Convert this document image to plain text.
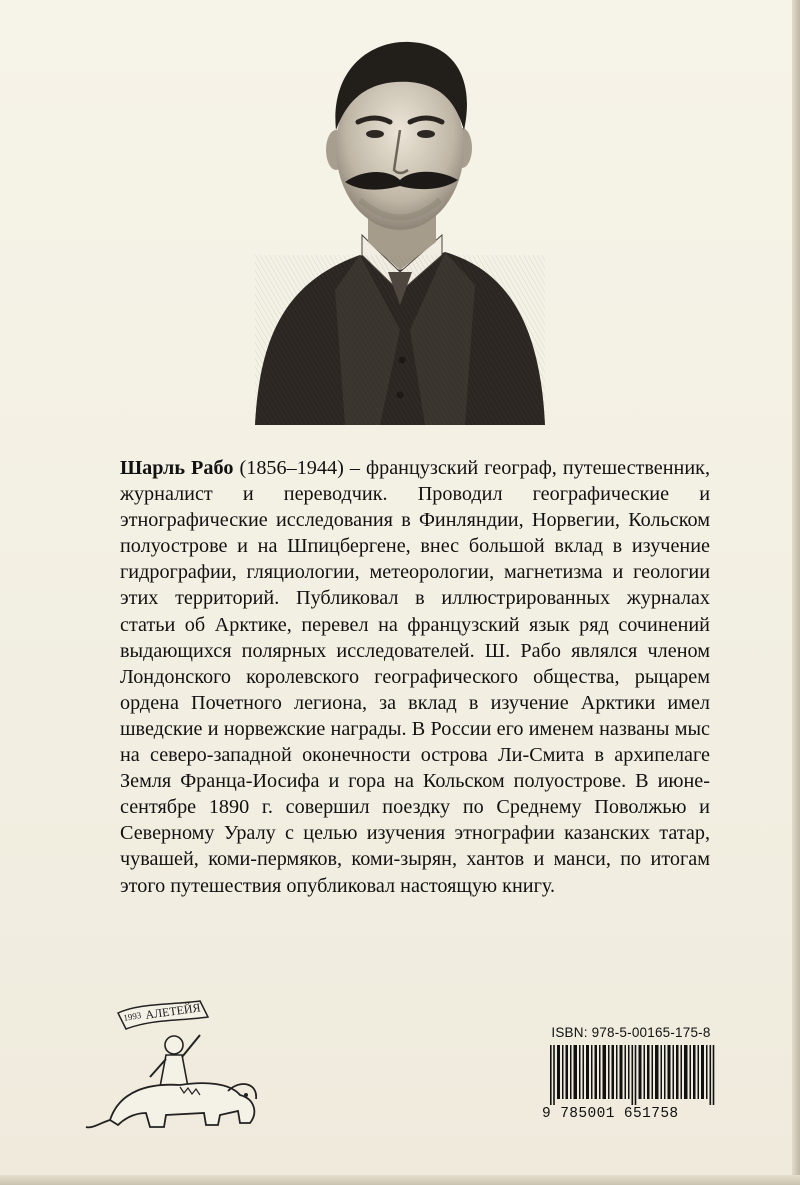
Шарль Рабо (1856–1944) – французский географ, путешественник, журналист и переводчик. Проводил географические и этнографические исследования в Финляндии, Норвегии, Кольском полуострове и на Шпицбергене, внес большой вклад в изучение гидрографии, гляциологии, метеорологии, магнетизма и геологии этих территорий. Публиковал в иллюстрированных журналах статьи об Арктике, перевел на французский язык ряд сочинений выдающихся полярных исследователей. Ш. Рабо являлся членом Лондонского королевского географического общества, рыцарем ордена Почетного легиона, за вклад в изучение Арктики имел шведские и норвежские награды. В России его именем названы мыс на северо-западной оконечности острова Ли-Смита в архипелаге Земля Франца-Иосифа и гора на Кольском полуострове. В июне-сентябре 1890 г. совершил поездку по Среднему Поволжью и Северному Уралу с целью изучения этнографии казанских татар, чувашей, коми-пермяков, коми-зырян, хантов и манси, по итогам этого путешествия опубликовал настоящую книгу.
1993 АЛЕТЕЙЯ
ISBN: 978-5-00165-175-8
9 785001 651758
